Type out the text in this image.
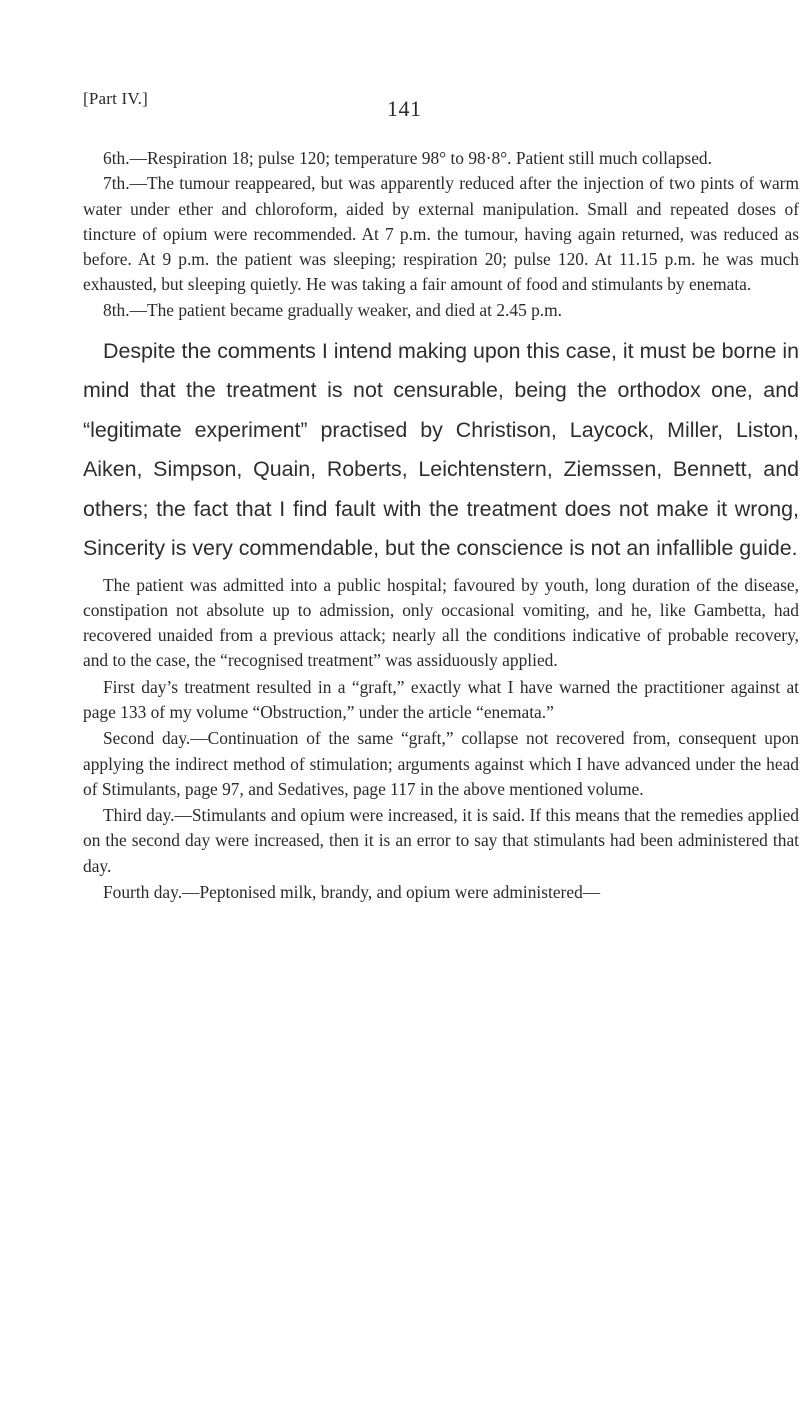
[Part IV.]	141

6th.—Respiration 18; pulse 120; temperature 98° to 98·8°. Patient still much collapsed.

7th.—The tumour reappeared, but was apparently reduced after the injection of two pints of warm water under ether and chloroform, aided by external manipulation. Small and repeated doses of tincture of opium were recommended. At 7 p.m. the tumour, having again returned, was reduced as before. At 9 p.m. the patient was sleeping; respiration 20; pulse 120. At 11.15 p.m. he was much exhausted, but sleeping quietly. He was taking a fair amount of food and stimulants by enemata.

8th.—The patient became gradually weaker, and died at 2.45 p.m.

Despite the comments I intend making upon this case, it must be borne in mind that the treatment is not censurable, being the orthodox one, and “legitimate experiment” practised by Christison, Laycock, Miller, Liston, Aiken, Simpson, Quain, Roberts, Leichtenstern, Ziemssen, Bennett, and others; the fact that I find fault with the treatment does not make it wrong, Sincerity is very commendable, but the conscience is not an infallible guide.

The patient was admitted into a public hospital; favoured by youth, long duration of the disease, constipation not absolute up to admission, only occasional vomiting, and he, like Gambetta, had recovered unaided from a previous attack; nearly all the conditions indicative of probable recovery, and to the case, the “recognised treatment” was assiduously applied.

First day’s treatment resulted in a “graft,” exactly what I have warned the practitioner against at page 133 of my volume “Obstruction,” under the article “enemata.”

Second day.—Continuation of the same “graft,” collapse not recovered from, consequent upon applying the indirect method of stimulation; arguments against which I have advanced under the head of Stimulants, page 97, and Sedatives, page 117 in the above mentioned volume.

Third day.—Stimulants and opium were increased, it is said. If this means that the remedies applied on the second day were increased, then it is an error to say that stimulants had been administered that day.

Fourth day.—Peptonised milk, brandy, and opium were administered—
